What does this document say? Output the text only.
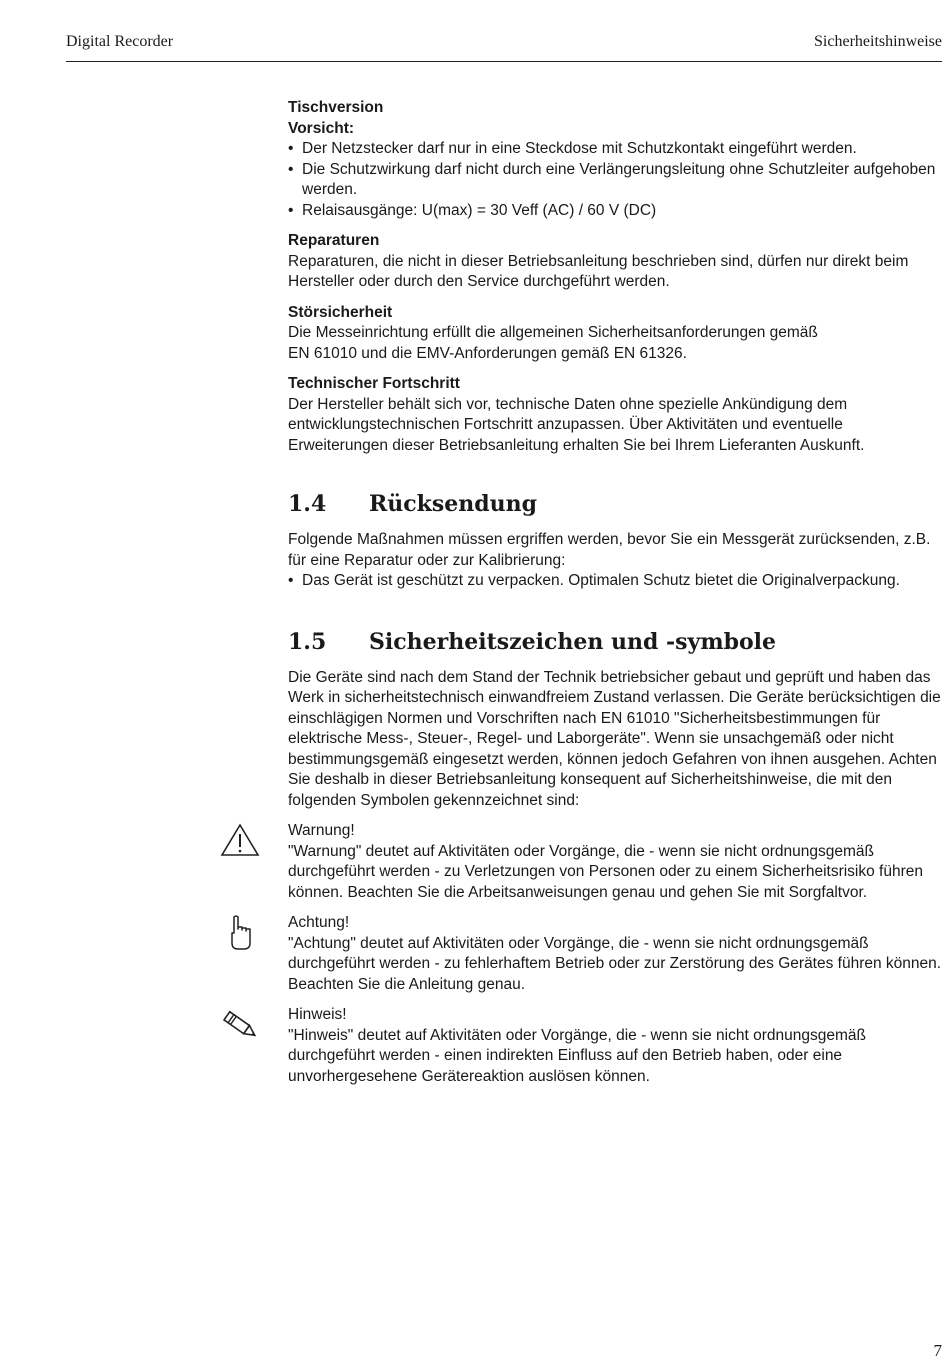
Digital Recorder	Sicherheitshinweise

Tischversion

Vorsicht:

• Der Netzstecker darf nur in eine Steckdose mit Schutzkontakt eingeführt werden.
• Die Schutzwirkung darf nicht durch eine Verlängerungsleitung ohne Schutzleiter aufgehoben werden.
• Relaisausgänge: U(max) = 30 Veff (AC) / 60 V (DC)

Reparaturen

Reparaturen, die nicht in dieser Betriebsanleitung beschrieben sind, dürfen nur direkt beim Hersteller oder durch den Service durchgeführt werden.

Störsicherheit

Die Messeinrichtung erfüllt die allgemeinen Sicherheitsanforderungen gemäß

EN 61010 und die EMV-Anforderungen gemäß EN 61326.

Technischer Fortschritt

Der Hersteller behält sich vor, technische Daten ohne spezielle Ankündigung dem entwicklungstechnischen Fortschritt anzupassen. Über Aktivitäten und eventuelle Erweiterungen dieser Betriebsanleitung erhalten Sie bei Ihrem Lieferanten Auskunft.

1.4 Rücksendung

Folgende Maßnahmen müssen ergriffen werden, bevor Sie ein Messgerät zurücksenden, z.B. für eine Reparatur oder zur Kalibrierung:

• Das Gerät ist geschützt zu verpacken. Optimalen Schutz bietet die Originalverpackung.
1.5 Sicherheitszeichen und -symbole

Die Geräte sind nach dem Stand der Technik betriebsicher gebaut und geprüft und haben das Werk in sicherheitstechnisch einwandfreiem Zustand verlassen. Die Geräte berücksichtigen die einschlägigen Normen und Vorschriften nach EN 61010 "Sicherheitsbestimmungen für elektrische Mess-, Steuer-, Regel- und Laborgeräte". Wenn sie unsachgemäß oder nicht bestimmungsgemäß eingesetzt werden, können jedoch Gefahren von ihnen ausgehen. Achten Sie deshalb in dieser Betriebsanleitung konsequent auf Sicherheitshinweise, die mit den folgenden Symbolen gekennzeichnet sind:

Warnung!

"Warnung" deutet auf Aktivitäten oder Vorgänge, die - wenn sie nicht ordnungsgemäß durchgeführt werden - zu Verletzungen von Personen oder zu einem Sicherheitsrisiko führen können. Beachten Sie die Arbeitsanweisungen genau und gehen Sie mit Sorgfaltvor.

Achtung!

"Achtung" deutet auf Aktivitäten oder Vorgänge, die - wenn sie nicht ordnungsgemäß durchgeführt werden - zu fehlerhaftem Betrieb oder zur Zerstörung des Gerätes führen können. Beachten Sie die Anleitung genau.

Hinweis!

"Hinweis" deutet auf Aktivitäten oder Vorgänge, die - wenn sie nicht ordnungsgemäß durchgeführt werden - einen indirekten Einfluss auf den Betrieb haben, oder eine unvorhergesehene Gerätereaktion auslösen können.

7
